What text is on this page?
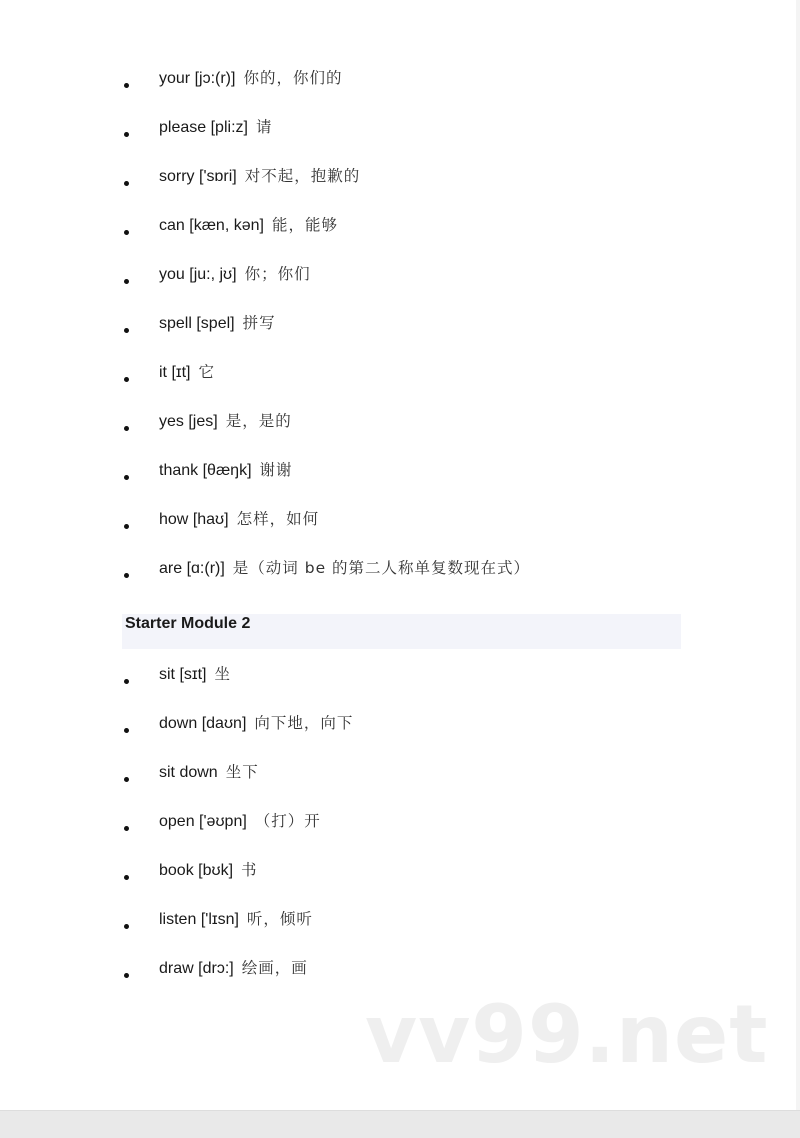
your [jɔ:(r)] 你的，你们的
please [pli:z] 请
sorry ['sɒri] 对不起，抱歉的
can [kæn, kən] 能，能够
you [ju:, jʊ] 你；你们
spell [spel] 拼写
it [ɪt] 它
yes [jes] 是，是的
thank [θæŋk] 谢谢
how [haʊ] 怎样，如何
are [ɑ:(r)] 是（动词 be 的第二人称单复数现在式）
Starter Module 2
sit [sɪt] 坐
down [daʊn] 向下地，向下
sit down 坐下
open ['əʊpn] （打）开
book [bʊk] 书
listen ['lɪsn] 听，倾听
draw [drɔ:] 绘画，画
vv99.net
